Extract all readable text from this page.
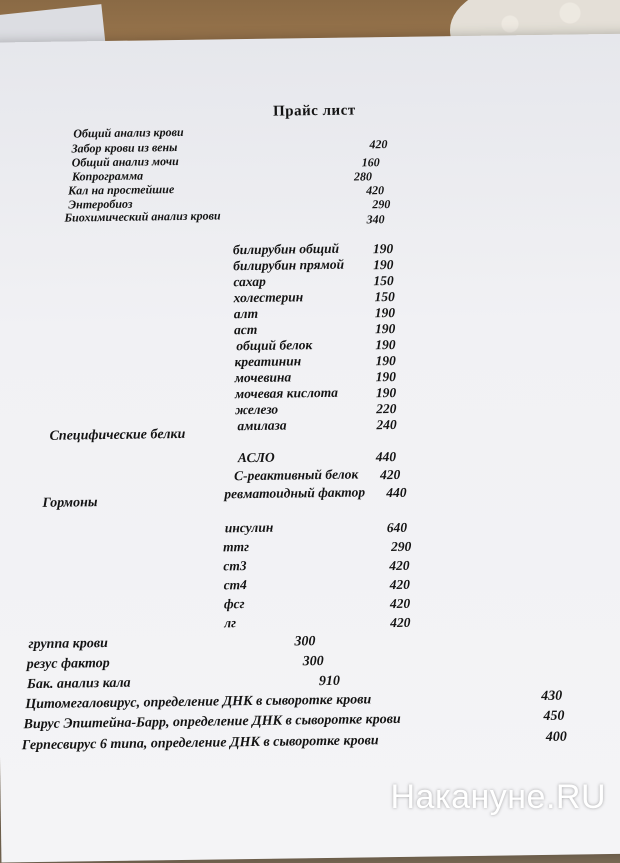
Прайс лист
Общий анализ крови
Забор крови из вены	420
Общий анализ мочи	160
Копрограмма	280
Кал на простейшие	420
Энтеробиоз	290
Биохимический анализ крови	340
билирубин общий 190
билирубин прямой 190
сахар	150
холестерин	150
алт	190
аст	190
общий белок	190
креатинин	190
мочевина	190
мочевая кислота	190
железо	220
амилаза	240
Специфические белки
АСЛО	440
С-реактивный белок 420
ревматоидный фактор 440
Гормоны
инсулин	640
ттг	290
ст3	420
ст4	420
фсг	420
лг	420
группа крови	300
резус фактор	300
Бак. анализ кала	910
Цитомегаловирус, определение ДНК в сыворотке крови	430
Вирус Эпштейна-Барр, определение ДНК в сыворотке крови	450
Герпесвирус 6 типа, определение ДНК в сыворотке крови	400
Накануне.RU
